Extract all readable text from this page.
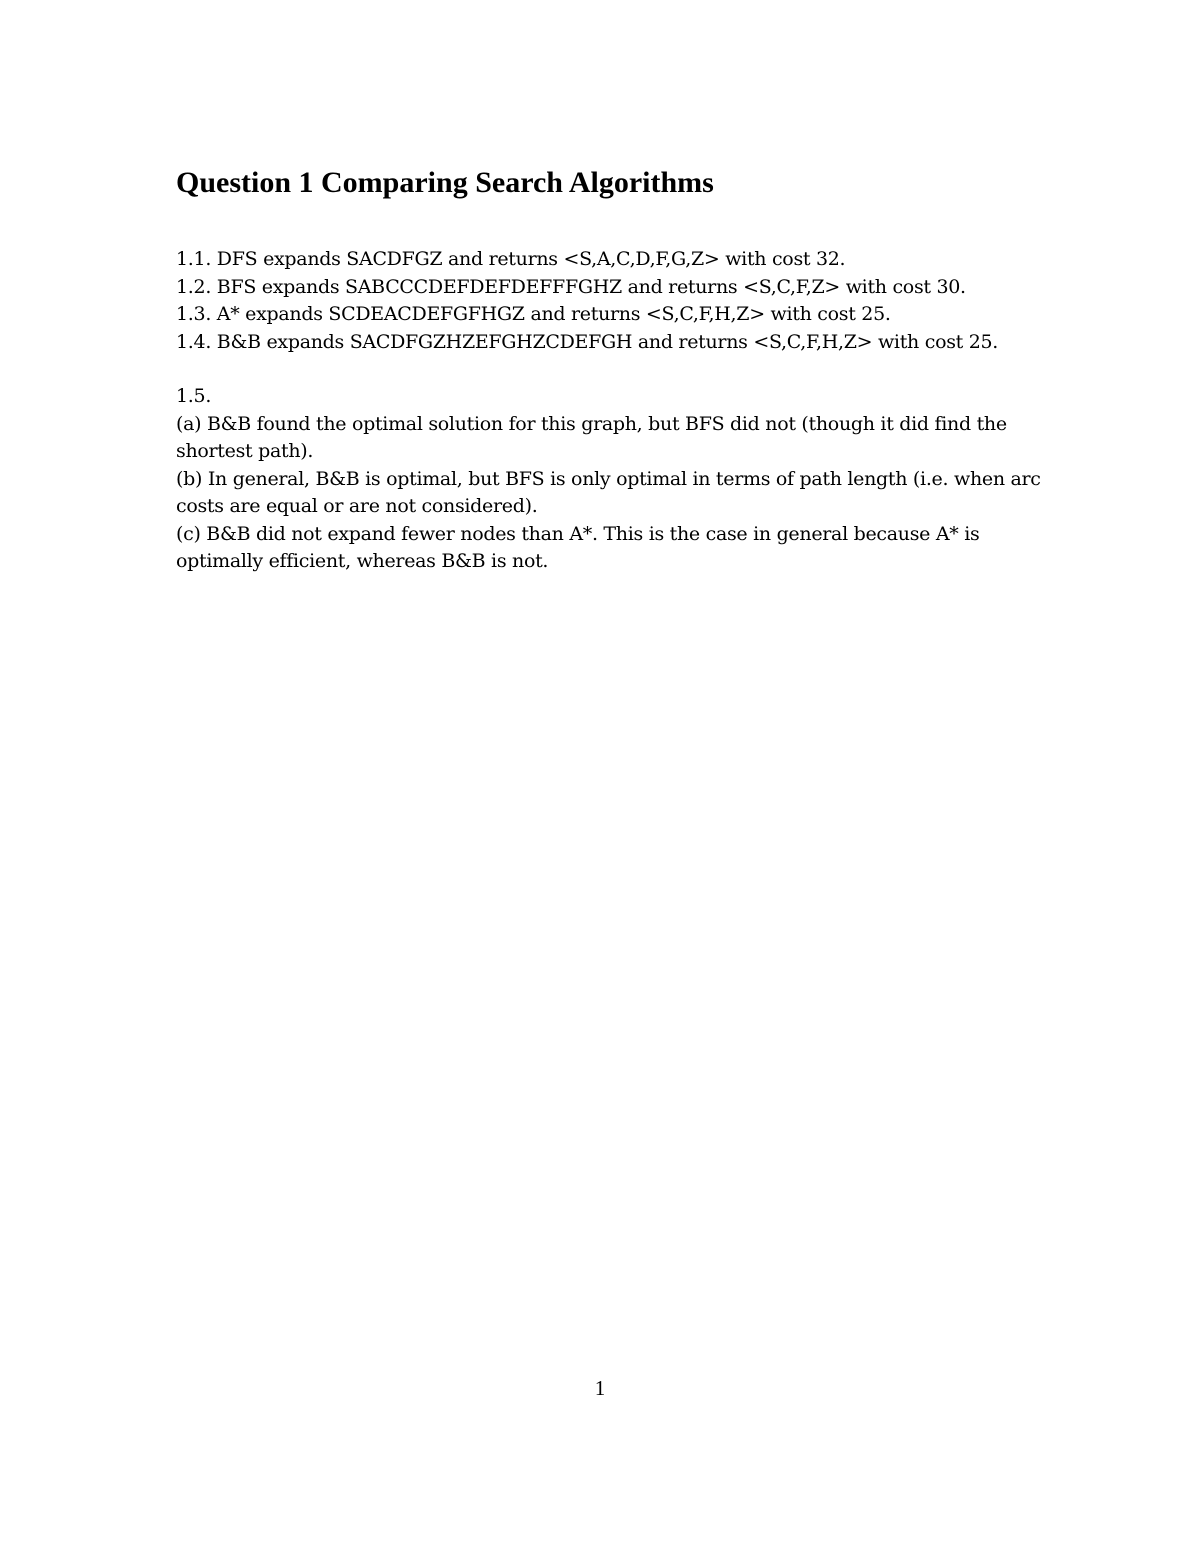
Question 1 Comparing Search Algorithms
1.1. DFS expands SACDFGZ and returns <S,A,C,D,F,G,Z> with cost 32.
1.2. BFS expands SABCCCDEFDEFDEFFFGHZ and returns <S,C,F,Z> with cost 30.
1.3. A* expands SCDEACDEFGFHGZ and returns <S,C,F,H,Z> with cost 25.
1.4. B&B expands SACDFGZHZEFGHZCDEFGH and returns <S,C,F,H,Z> with cost 25.
1.5.
(a) B&B found the optimal solution for this graph, but BFS did not (though it did find the shortest path).
(b) In general, B&B is optimal, but BFS is only optimal in terms of path length (i.e. when arc costs are equal or are not considered).
(c) B&B did not expand fewer nodes than A*. This is the case in general because A* is optimally efficient, whereas B&B is not.
1
